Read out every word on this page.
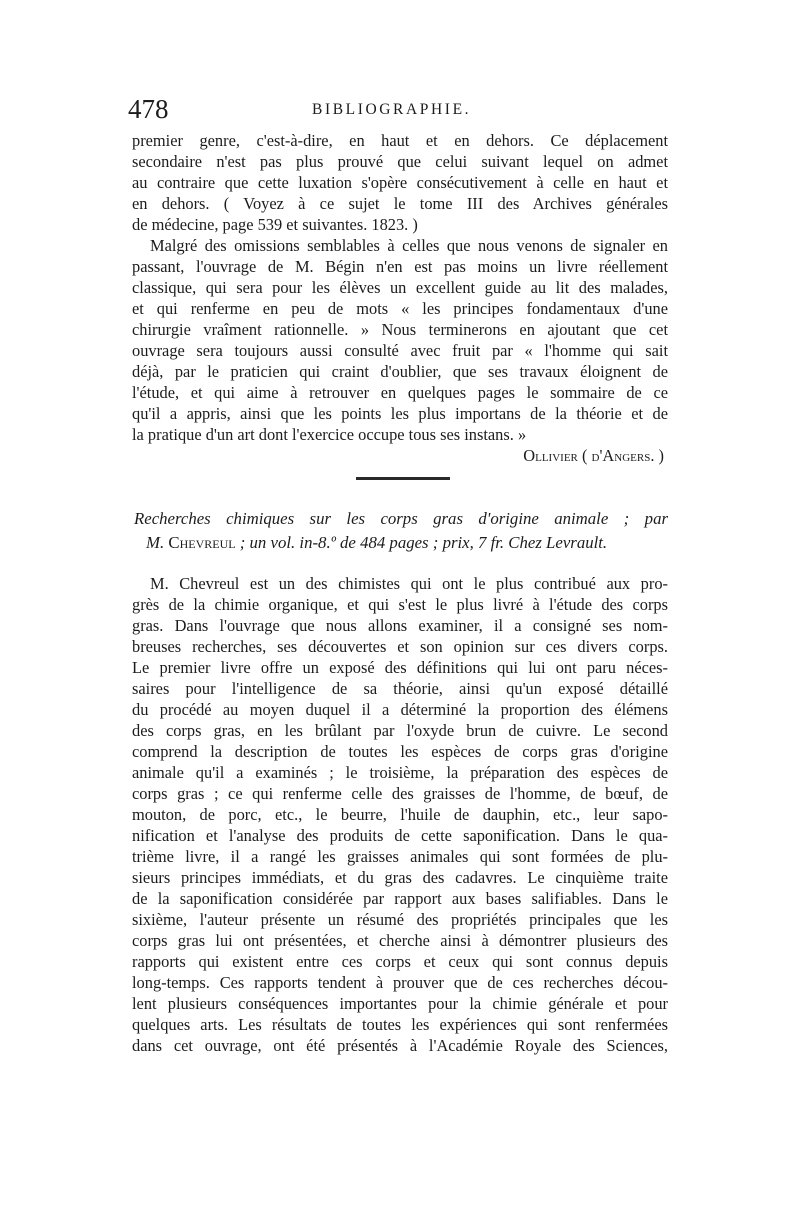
478	BIBLIOGRAPHIE.
premier genre, c'est-à-dire, en haut et en dehors. Ce déplacement
secondaire n'est pas plus prouvé que celui suivant lequel on admet
au contraire que cette luxation s'opère consécutivement à celle en haut et
en dehors. ( Voyez à ce sujet le tome III des Archives générales
de médecine, page 539 et suivantes. 1823. )
Malgré des omissions semblables à celles que nous venons de signaler en
passant, l'ouvrage de M. Bégin n'en est pas moins un livre réellement
classique, qui sera pour les élèves un excellent guide au lit des malades,
et qui renferme en peu de mots « les principes fondamentaux d'une
chirurgie vraîment rationnelle. » Nous terminerons en ajoutant que cet
ouvrage sera toujours aussi consulté avec fruit par « l'homme qui sait
déjà, par le praticien qui craint d'oublier, que ses travaux éloignent de
l'étude, et qui aime à retrouver en quelques pages le sommaire de ce
qu'il a appris, ainsi que les points les plus importans de la théorie et de
la pratique d'un art dont l'exercice occupe tous ses instans. »
Ollivier ( d'Angers. )
Recherches chimiques sur les corps gras d'origine animale ; par
M. Chevreul ; un vol. in-8.º de 484 pages ; prix, 7 fr. Chez Levrault.
M. Chevreul est un des chimistes qui ont le plus contribué aux pro-
grès de la chimie organique, et qui s'est le plus livré à l'étude des corps
gras. Dans l'ouvrage que nous allons examiner, il a consigné ses nom-
breuses recherches, ses découvertes et son opinion sur ces divers corps.
Le premier livre offre un exposé des définitions qui lui ont paru néces-
saires pour l'intelligence de sa théorie, ainsi qu'un exposé détaillé
du procédé au moyen duquel il a déterminé la proportion des élémens
des corps gras, en les brûlant par l'oxyde brun de cuivre. Le second
comprend la description de toutes les espèces de corps gras d'origine
animale qu'il a examinés ; le troisième, la préparation des espèces de
corps gras ; ce qui renferme celle des graisses de l'homme, de bœuf, de
mouton, de porc, etc., le beurre, l'huile de dauphin, etc., leur sapo-
nification et l'analyse des produits de cette saponification. Dans le qua-
trième livre, il a rangé les graisses animales qui sont formées de plu-
sieurs principes immédiats, et du gras des cadavres. Le cinquième traite
de la saponification considérée par rapport aux bases salifiables. Dans le
sixième, l'auteur présente un résumé des propriétés principales que les
corps gras lui ont présentées, et cherche ainsi à démontrer plusieurs des
rapports qui existent entre ces corps et ceux qui sont connus depuis
long-temps. Ces rapports tendent à prouver que de ces recherches décou-
lent plusieurs conséquences importantes pour la chimie générale et pour
quelques arts. Les résultats de toutes les expériences qui sont renfermées
dans cet ouvrage, ont été présentés à l'Académie Royale des Sciences,
